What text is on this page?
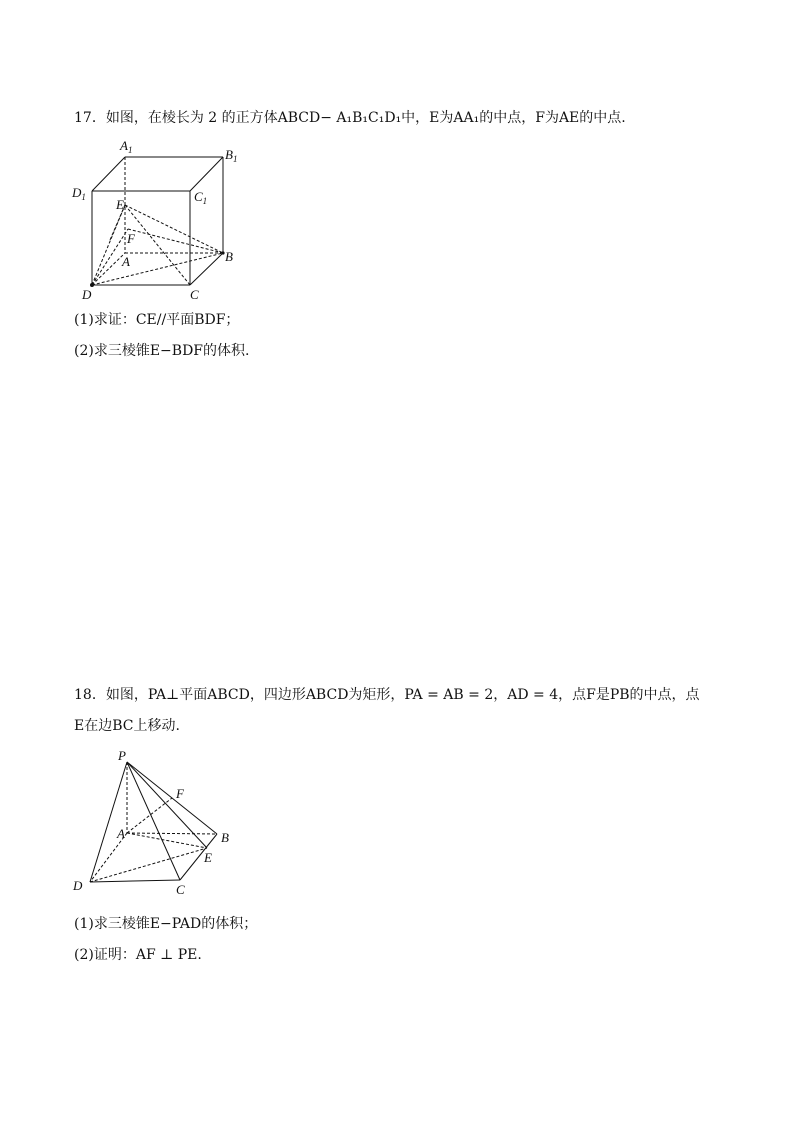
17．如图，在棱长为 2 的正方体ABCD− A₁B₁C₁D₁中，E为AA₁的中点，F为AE的中点.
$A_1$	$B_1$
$D_1$	$C_1$
E
F
A	B
D	C
(1)求证：CE//平面BDF；
(2)求三棱锥E−BDF的体积.
18．如图，PA⊥平面ABCD，四边形ABCD为矩形，PA = AB = 2，AD = 4，点F是PB的中点，点
E在边BC上移动.
P
F
A	B
E
D	C
(1)求三棱锥E−PAD的体积；
(2)证明：AF ⊥ PE.
